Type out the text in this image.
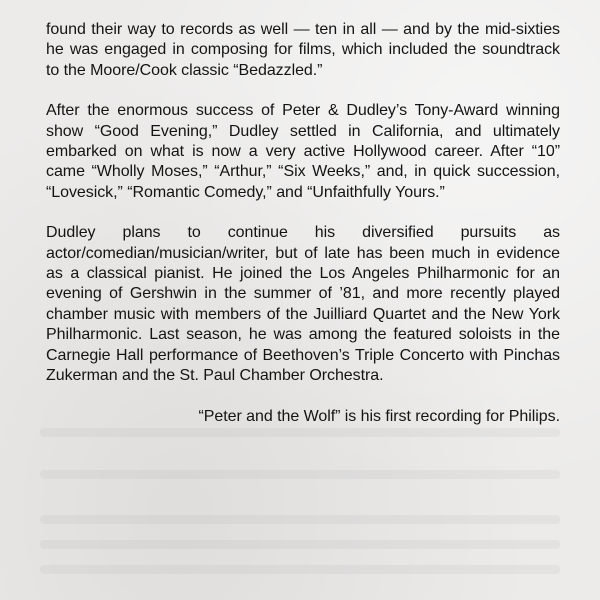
found their way to records as well — ten in all — and by the mid-sixties he was engaged in composing for films, which included the soundtrack to the Moore/Cook classic “Bedazzled.”

After the enormous success of Peter & Dudley’s Tony-Award winning show “Good Evening,” Dudley settled in California, and ultimately embarked on what is now a very active Hollywood career. After “10” came “Wholly Moses,” “Arthur,” “Six Weeks,” and, in quick succession, “Lovesick,” “Romantic Comedy,” and “Unfaithfully Yours.”

Dudley plans to continue his diversified pursuits as actor/comedian/musician/writer, but of late has been much in evidence as a classical pianist. He joined the Los Angeles Philharmonic for an evening of Gershwin in the summer of ’81, and more recently played chamber music with members of the Juilliard Quartet and the New York Philharmonic. Last season, he was among the featured soloists in the Carnegie Hall performance of Beethoven’s Triple Concerto with Pinchas Zukerman and the St. Paul Chamber Orchestra.

“Peter and the Wolf” is his first recording for Philips.
